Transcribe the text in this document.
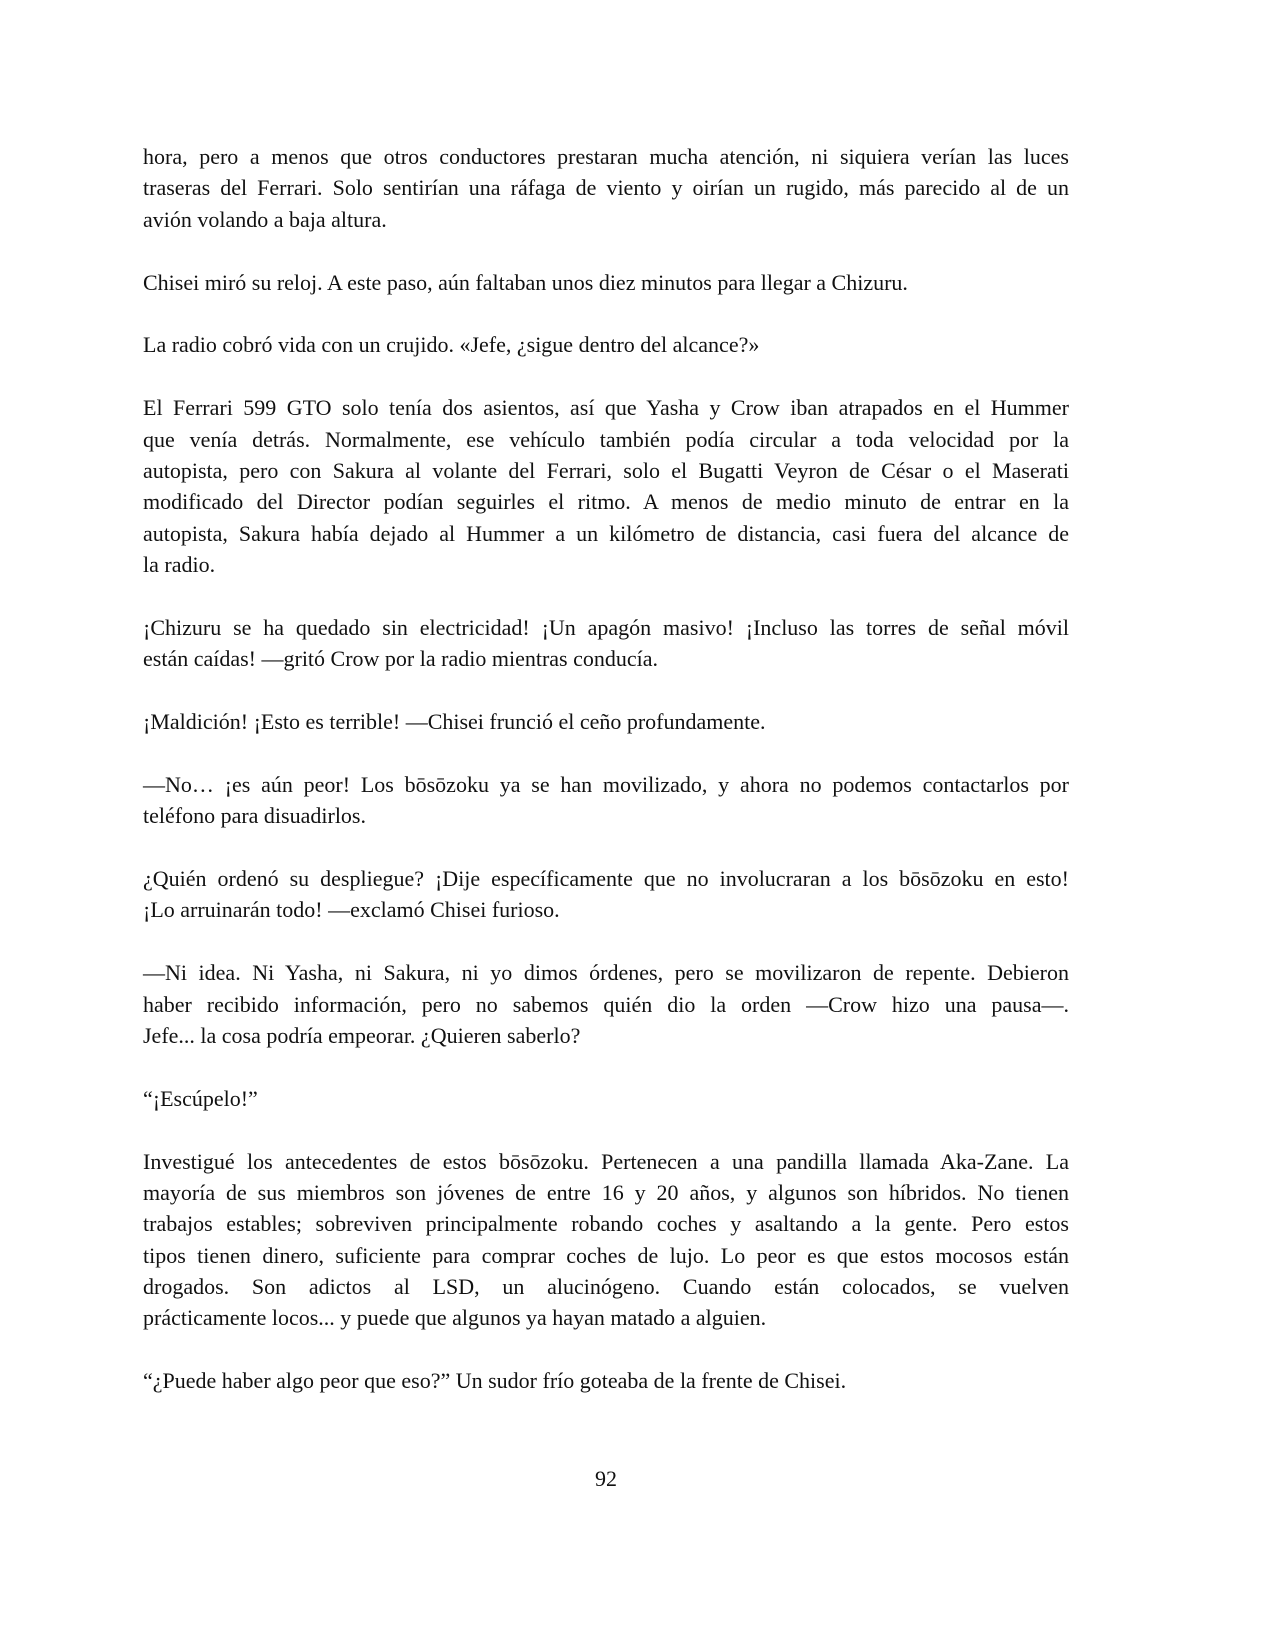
hora, pero a menos que otros conductores prestaran mucha atención, ni siquiera verían las luces
traseras del Ferrari. Solo sentirían una ráfaga de viento y oirían un rugido, más parecido al de un
avión volando a baja altura.
Chisei miró su reloj. A este paso, aún faltaban unos diez minutos para llegar a Chizuru.
La radio cobró vida con un crujido. «Jefe, ¿sigue dentro del alcance?»
El Ferrari 599 GTO solo tenía dos asientos, así que Yasha y Crow iban atrapados en el Hummer
que venía detrás. Normalmente, ese vehículo también podía circular a toda velocidad por la
autopista, pero con Sakura al volante del Ferrari, solo el Bugatti Veyron de César o el Maserati
modificado del Director podían seguirles el ritmo. A menos de medio minuto de entrar en la
autopista, Sakura había dejado al Hummer a un kilómetro de distancia, casi fuera del alcance de
la radio.
¡Chizuru se ha quedado sin electricidad! ¡Un apagón masivo! ¡Incluso las torres de señal móvil
están caídas! —gritó Crow por la radio mientras conducía.
¡Maldición! ¡Esto es terrible! —Chisei frunció el ceño profundamente.
—No… ¡es aún peor! Los bōsōzoku ya se han movilizado, y ahora no podemos contactarlos por
teléfono para disuadirlos.
¿Quién ordenó su despliegue? ¡Dije específicamente que no involucraran a los bōsōzoku en esto!
¡Lo arruinarán todo! —exclamó Chisei furioso.
—Ni idea. Ni Yasha, ni Sakura, ni yo dimos órdenes, pero se movilizaron de repente. Debieron
haber recibido información, pero no sabemos quién dio la orden —Crow hizo una pausa—.
Jefe... la cosa podría empeorar. ¿Quieren saberlo?
“¡Escúpelo!”
Investigué los antecedentes de estos bōsōzoku. Pertenecen a una pandilla llamada Aka-Zane. La
mayoría de sus miembros son jóvenes de entre 16 y 20 años, y algunos son híbridos. No tienen
trabajos estables; sobreviven principalmente robando coches y asaltando a la gente. Pero estos
tipos tienen dinero, suficiente para comprar coches de lujo. Lo peor es que estos mocosos están
drogados. Son adictos al LSD, un alucinógeno. Cuando están colocados, se vuelven
prácticamente locos... y puede que algunos ya hayan matado a alguien.
“¿Puede haber algo peor que eso?” Un sudor frío goteaba de la frente de Chisei.
92
